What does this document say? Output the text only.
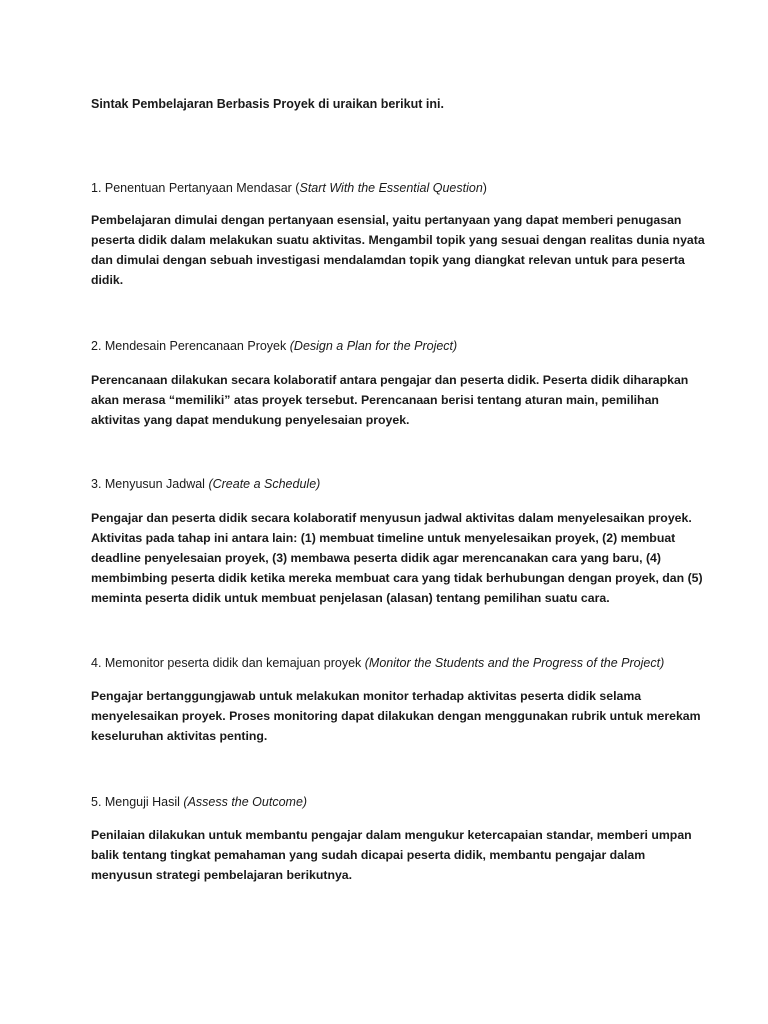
Sintak Pembelajaran Berbasis Proyek di uraikan berikut ini.
1. Penentuan Pertanyaan Mendasar (Start With the Essential Question)
Pembelajaran dimulai dengan pertanyaan esensial, yaitu pertanyaan yang dapat memberi penugasan
peserta didik dalam melakukan suatu aktivitas. Mengambil topik yang sesuai dengan realitas dunia nyata
dan dimulai dengan sebuah investigasi mendalamdan topik yang diangkat relevan untuk para peserta
didik.
2. Mendesain Perencanaan Proyek (Design a Plan for the Project)
Perencanaan dilakukan secara kolaboratif antara pengajar dan peserta didik. Peserta didik diharapkan
akan merasa “memiliki” atas proyek tersebut. Perencanaan berisi tentang aturan main, pemilihan
aktivitas yang dapat mendukung penyelesaian proyek.
3. Menyusun Jadwal (Create a Schedule)
Pengajar dan peserta didik secara kolaboratif menyusun jadwal aktivitas dalam menyelesaikan proyek.
Aktivitas pada tahap ini antara lain: (1) membuat timeline untuk menyelesaikan proyek, (2) membuat
deadline penyelesaian proyek, (3) membawa peserta didik agar merencanakan cara yang baru, (4)
membimbing peserta didik ketika mereka membuat cara yang tidak berhubungan dengan proyek, dan (5)
meminta peserta didik untuk membuat penjelasan (alasan) tentang pemilihan suatu cara.
4. Memonitor peserta didik dan kemajuan proyek (Monitor the Students and the Progress of the Project)
Pengajar bertanggungjawab untuk melakukan monitor terhadap aktivitas peserta didik selama
menyelesaikan proyek. Proses monitoring dapat dilakukan dengan menggunakan rubrik untuk merekam
keseluruhan aktivitas penting.
5. Menguji Hasil (Assess the Outcome)
Penilaian dilakukan untuk membantu pengajar dalam mengukur ketercapaian standar, memberi umpan
balik tentang tingkat pemahaman yang sudah dicapai peserta didik, membantu pengajar dalam
menyusun strategi pembelajaran berikutnya.
